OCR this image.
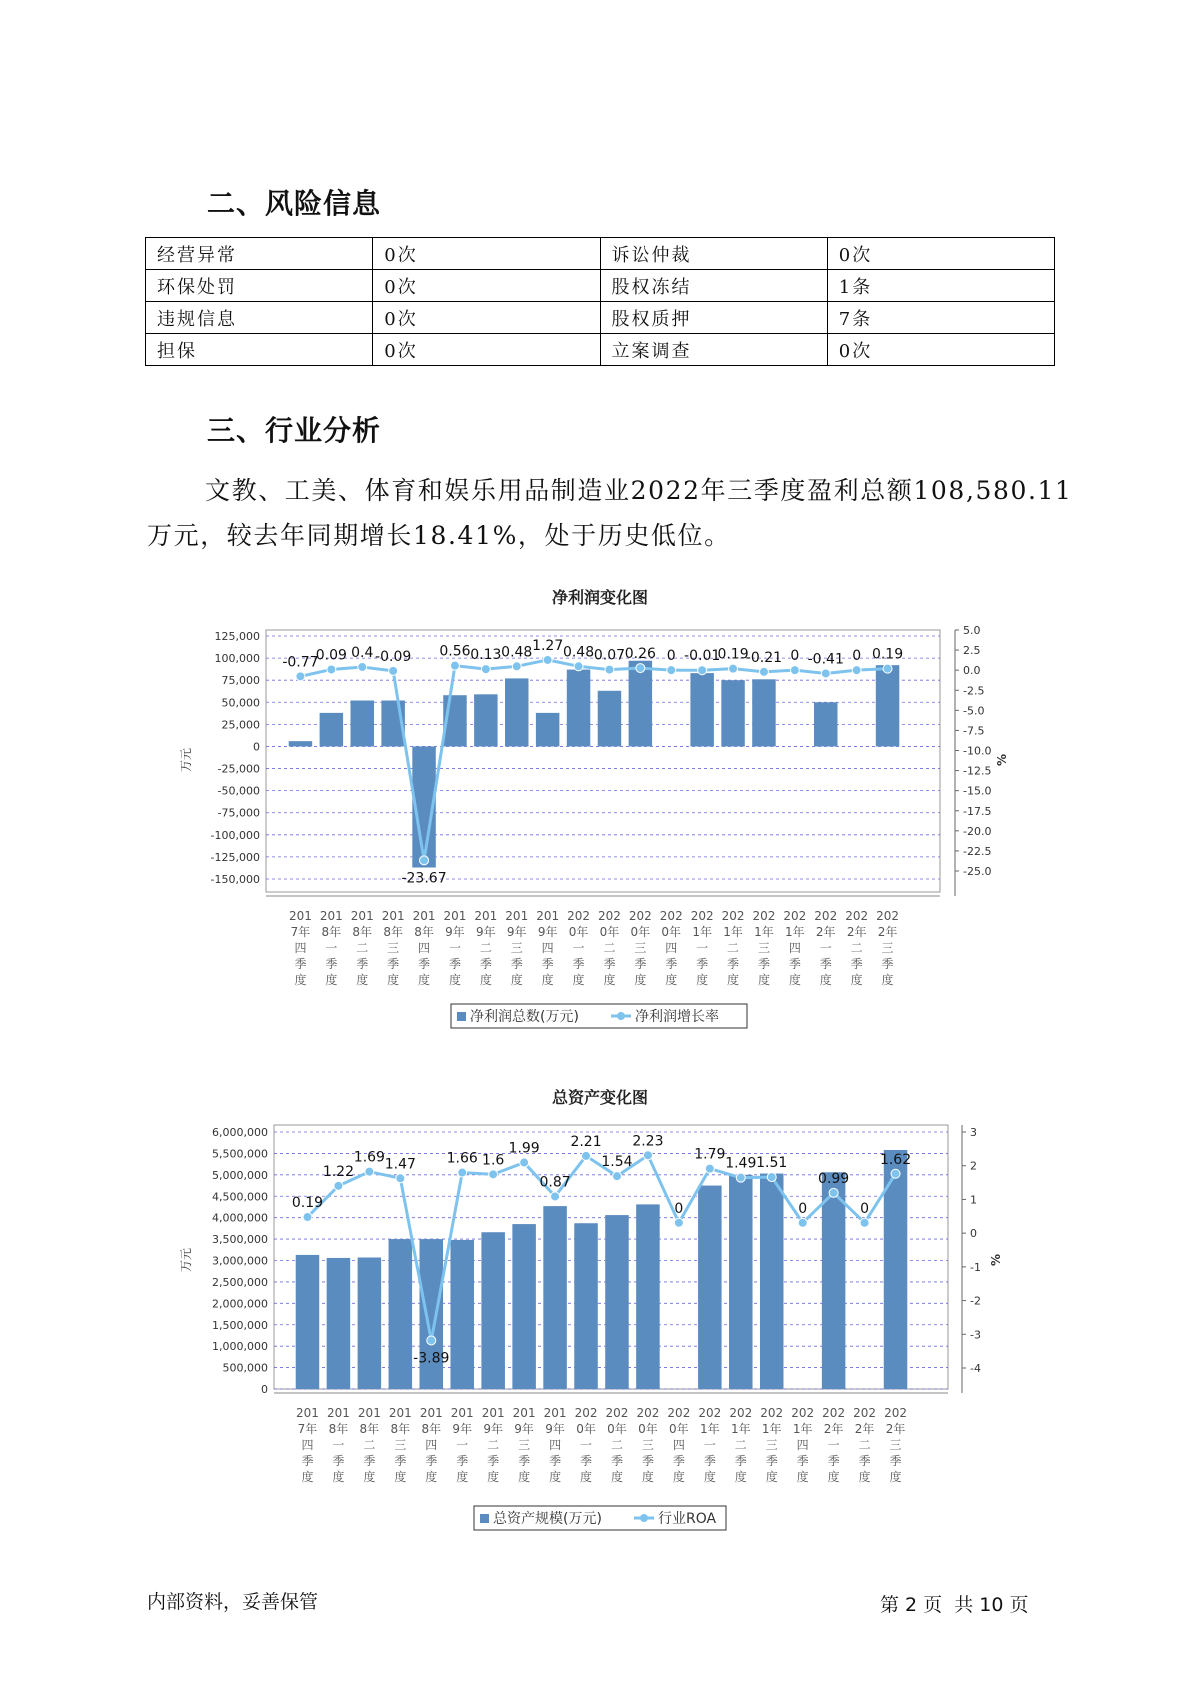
二、风险信息
经营异常	0次	诉讼仲裁	0次
环保处罚	0次	股权冻结	1条
违规信息	0次	股权质押	7条
担保	0次	立案调查	0次
三、行业分析
文教、工美、体育和娱乐用品制造业2022年三季度盈利总额108,580.11
万元，较去年同期增长18.41%，处于历史低位。
净利润变化图
125,000
100,000
75,000
50,000
25,000
0
-25,000
-50,000
-75,000
-100,000
-125,000
-150,000
5.0
2.5
0.0
-2.5
-5.0
-7.5
-10.0
-12.5
-15.0
-17.5
-20.0
-22.5
-25.0
万元	%
-0.77
0.09 0.4 -0.09
-23.67
0.56 0.13 0.48 1.27 0.48 0.07 0.26 0 -0.01
0.19
-0.21 0 -0.41 0 0.19
201
7年
四
季
度
201
8年
一
季
度
201
8年
二
季
度
201
8年
三
季
度
201
8年
四
季
度
201
9年
一
季
度
201
9年
二
季
度
201
9年
三
季
度
201
9年
四
季
度
202
0年
一
季
度
202
0年
二
季
度
202
0年
三
季
度
202
0年
四
季
度
202
1年
一
季
度
202
1年
二
季
度
202
1年
三
季
度
202
1年
四
季
度
202
2年
一
季
度
202
2年
二
季
度
202
2年
三
季
度
净利润总数(万元)	净利润增长率
总资产变化图
6,000,000
5,500,000
5,000,000
4,500,000
4,000,000
3,500,000
3,000,000
2,500,000
2,000,000
1,500,000
1,000,000
500,000
0
3
2
1
0
-1
-2
-3
-4
万元	%
0.19
1.22
1.69 1.47
-3.89
1.66 1.6
1.99
0.87
2.21
1.54
2.23
0
1.79
1.49 1.51
0
0.99
0
1.62
201
7年
四
季
度
201
8年
一
季
度
201
8年
二
季
度
201
8年
三
季
度
201
8年
四
季
度
201
9年
一
季
度
201
9年
二
季
度
201
9年
三
季
度
201
9年
四
季
度
202
0年
一
季
度
202
0年
二
季
度
202
0年
三
季
度
202
0年
四
季
度
202
1年
一
季
度
202
1年
二
季
度
202
1年
三
季
度
202
1年
四
季
度
202
2年
一
季
度
202
2年
二
季
度
202
2年
三
季
度
总资产规模(万元)	行业ROA
内部资料，妥善保管	第 2 页  共 10 页
